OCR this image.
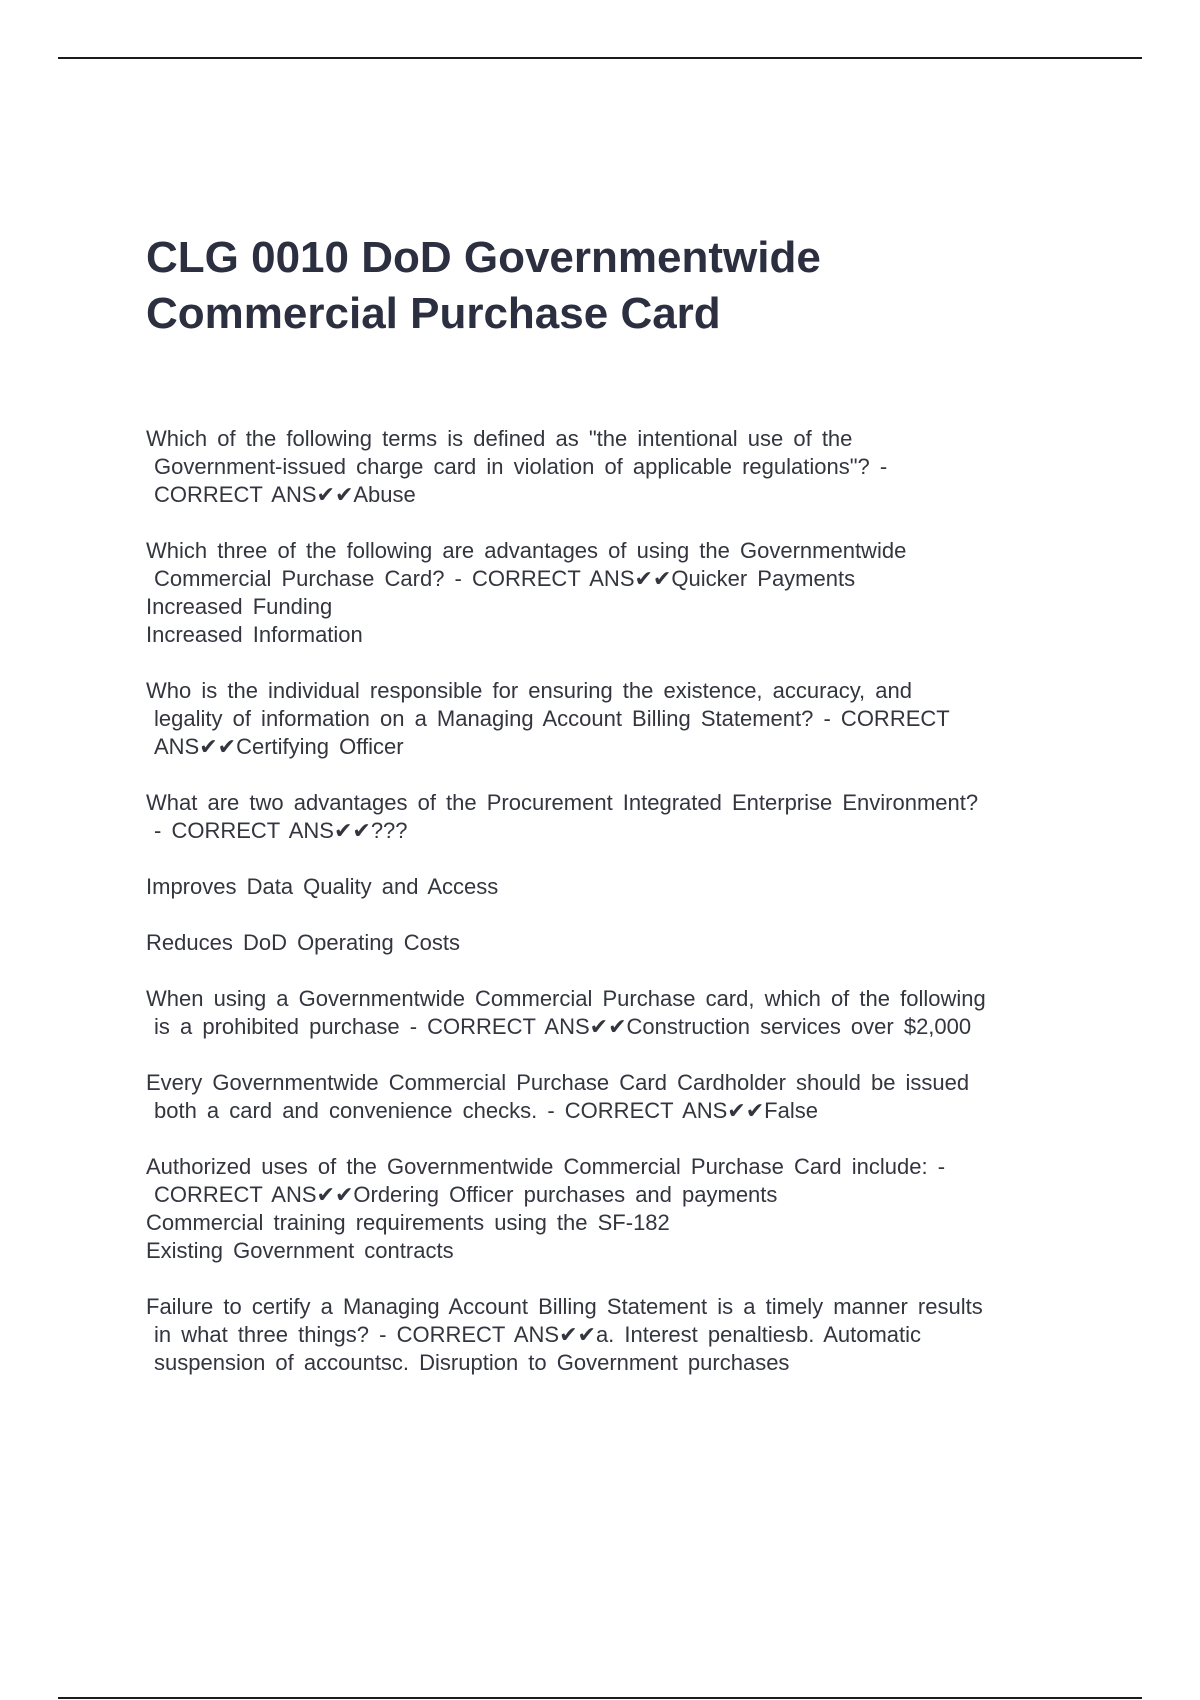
CLG 0010 DoD Governmentwide
Commercial Purchase Card

Which of the following terms is defined as "the intentional use of the
Government-issued charge card in violation of applicable regulations"? -
CORRECT ANS✔✔Abuse

Which three of the following are advantages of using the Governmentwide
Commercial Purchase Card? - CORRECT ANS✔✔Quicker Payments
Increased Funding
Increased Information

Who is the individual responsible for ensuring the existence, accuracy, and
legality of information on a Managing Account Billing Statement? - CORRECT
ANS✔✔Certifying Officer

What are two advantages of the Procurement Integrated Enterprise Environment?
- CORRECT ANS✔✔???

Improves Data Quality and Access

Reduces DoD Operating Costs

When using a Governmentwide Commercial Purchase card, which of the following
is a prohibited purchase - CORRECT ANS✔✔Construction services over $2,000

Every Governmentwide Commercial Purchase Card Cardholder should be issued
both a card and convenience checks. - CORRECT ANS✔✔False

Authorized uses of the Governmentwide Commercial Purchase Card include: -
CORRECT ANS✔✔Ordering Officer purchases and payments
Commercial training requirements using the SF-182
Existing Government contracts

Failure to certify a Managing Account Billing Statement is a timely manner results
in what three things? - CORRECT ANS✔✔a. Interest penaltiesb. Automatic
suspension of accountsc. Disruption to Government purchases
